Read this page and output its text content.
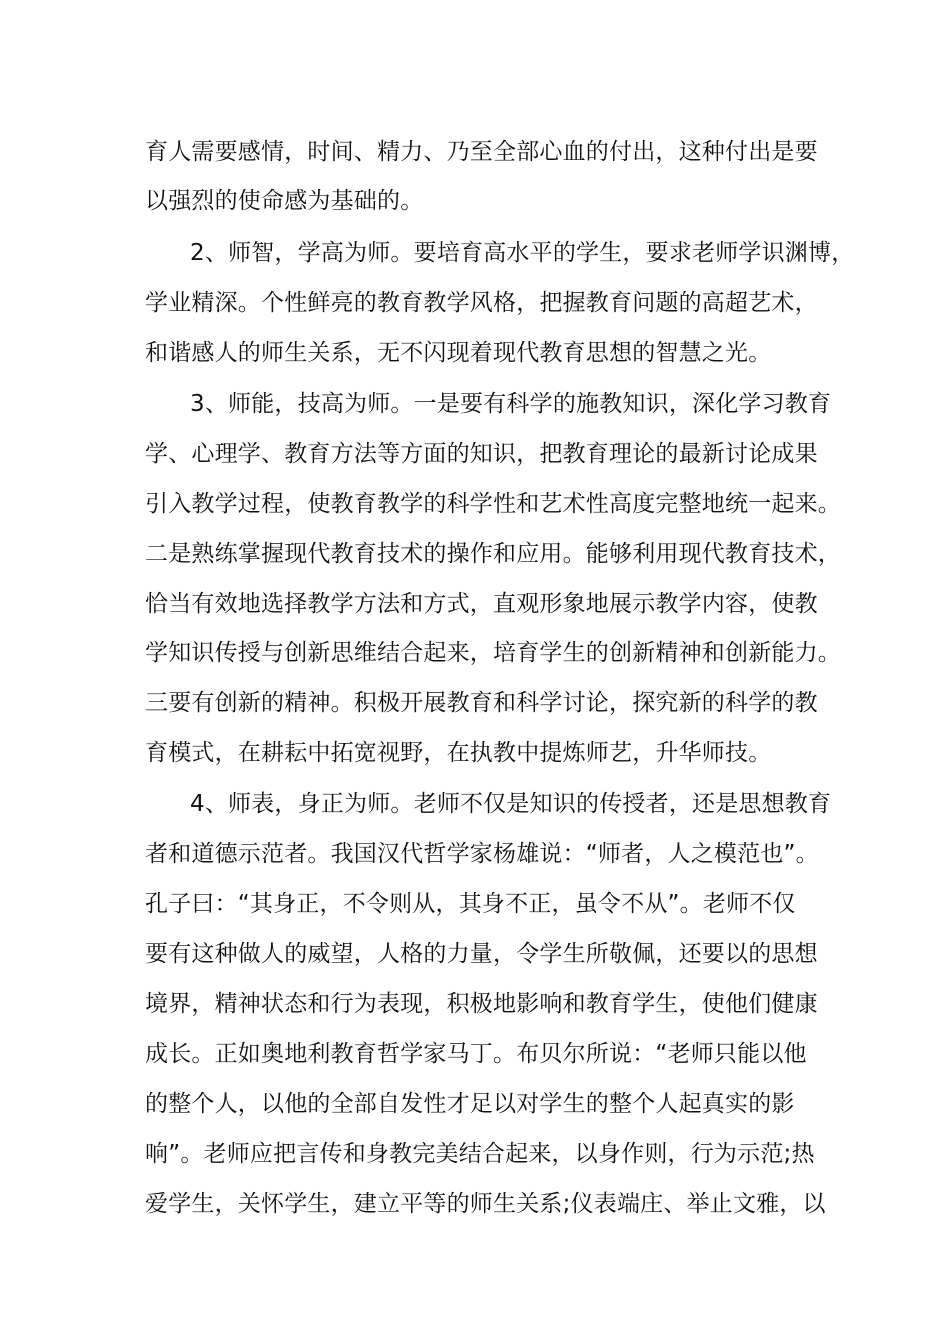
育人需要感情，时间、精力、乃至全部心血的付出，这种付出是要
以强烈的使命感为基础的。
2、师智，学高为师。要培育高水平的学生，要求老师学识渊博，
学业精深。个性鲜亮的教育教学风格，把握教育问题的高超艺术，
和谐感人的师生关系，无不闪现着现代教育思想的智慧之光。
3、师能，技高为师。一是要有科学的施教知识，深化学习教育
学、心理学、教育方法等方面的知识，把教育理论的最新讨论成果
引入教学过程，使教育教学的科学性和艺术性高度完整地统一起来。
二是熟练掌握现代教育技术的操作和应用。能够利用现代教育技术，
恰当有效地选择教学方法和方式，直观形象地展示教学内容，使教
学知识传授与创新思维结合起来，培育学生的创新精神和创新能力。
三要有创新的精神。积极开展教育和科学讨论，探究新的科学的教
育模式，在耕耘中拓宽视野，在执教中提炼师艺，升华师技。
4、师表，身正为师。老师不仅是知识的传授者，还是思想教育
者和道德示范者。我国汉代哲学家杨雄说：“师者，人之模范也”。
孔子曰：“其身正，不令则从，其身不正，虽令不从”。老师不仅
要有这种做人的威望，人格的力量，令学生所敬佩，还要以的思想
境界，精神状态和行为表现，积极地影响和教育学生，使他们健康
成长。正如奥地利教育哲学家马丁。布贝尔所说：“老师只能以他
的整个人，以他的全部自发性才足以对学生的整个人起真实的影
响”。老师应把言传和身教完美结合起来，以身作则，行为示范;热
爱学生，关怀学生，建立平等的师生关系;仪表端庄、举止文雅，以
